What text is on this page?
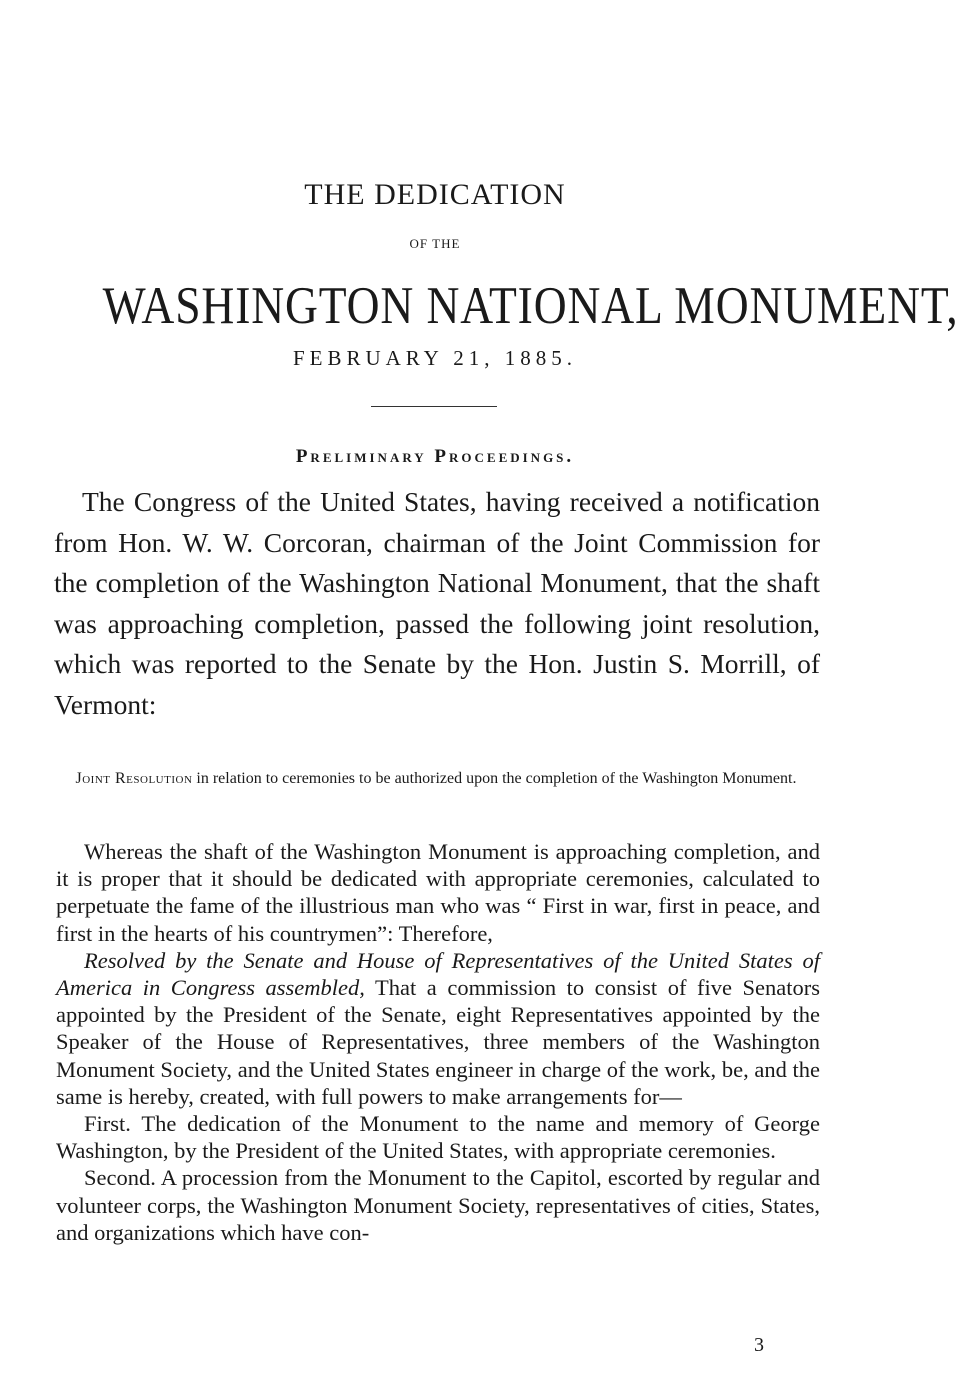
THE DEDICATION
OF THE
WASHINGTON NATIONAL MONUMENT,
FEBRUARY 21, 1885.
Preliminary Proceedings.

The Congress of the United States, having received a notification from Hon. W. W. Corcoran, chairman of the Joint Commission for the completion of the Washington National Monument, that the shaft was approaching completion, passed the following joint resolution, which was reported to the Senate by the Hon. Justin S. Morrill, of Vermont:

Joint Resolution in relation to ceremonies to be authorized upon the completion of the Washington Monument.

Whereas the shaft of the Washington Monument is approaching completion, and it is proper that it should be dedicated with appropriate ceremonies, calculated to perpetuate the fame of the illustrious man who was “ First in war, first in peace, and first in the hearts of his countrymen”: Therefore,

Resolved by the Senate and House of Representatives of the United States of America in Congress assembled, That a commission to consist of five Senators appointed by the President of the Senate, eight Representatives appointed by the Speaker of the House of Representatives, three members of the Washington Monument Society, and the United States engineer in charge of the work, be, and the same is hereby, created, with full powers to make arrangements for—

First. The dedication of the Monument to the name and memory of George Washington, by the President of the United States, with appropriate ceremonies.

Second. A procession from the Monument to the Capitol, escorted by regular and volunteer corps, the Washington Monument Society, representatives of cities, States, and organizations which have con-

3
